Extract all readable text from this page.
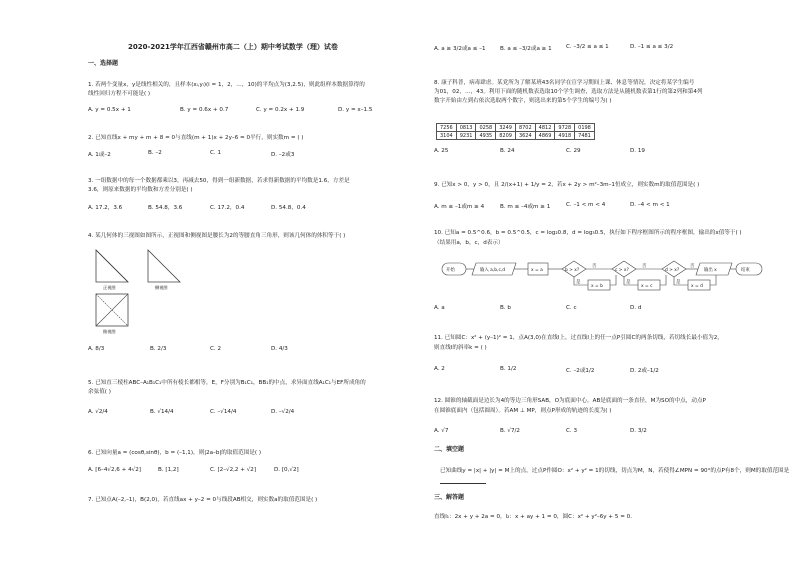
2020-2021学年江西省赣州市高二（上）期中考试数学（理）试卷
一、选择题
1. 若两个变量x，y是线性相关的，且样本(xᵢ,yᵢ)(i = 1，2，…，10)的平均点为(3,2.5)，则此组样本数据算得的
线性回归方程不可能是( )
A. y = 0.5x + 1	B. y = 0.6x + 0.7	C. y = 0.2x + 1.9	D. y = x–1.5
2. 已知直线x + my + m + 8 = 0与直线(m + 1)x + 2y–6 = 0平行，则实数m = ( )
A. 1或–2	B. –2	C. 1	D. –2或3
3. 一组数据中的每一个数据都乘以3，再减去50，得到一组新数据，若求得新数据的平均数是1.6，方差是
3.6，则原来数据的平均数和方差分别是( )
A. 17.2，3.6	B. 54.8，3.6	C. 17.2，0.4	D. 54.8，0.4
4. 某几何体的三视图如图所示，正视图和侧视图是腰长为2的等腰直角三角形，则该几何体的体积等于( )
正视图	侧视图
俯视图
A. 8/3	B. 2/3	C. 2	D. 4/3
5. 已知直三棱柱ABC–A₁B₁C₁中所有棱长都相等，E，F分别为B₁C₁，BB₁的中点，求异面直线A₁C₁与EF所成角的
余弦值( )
A. √2/4	B. √14/4	C. –√14/4	D. –√2/4
6. 已知向量a = (cosθ,sinθ)，b = (–1,1)，则|2a–b|的取值范围是( )
A. [6–4√2,6 + 4√2]	B. [1,2]	C. [2–√2,2 + √2]	D. [0,√2]
7. 已知点A(–2,–1)，B(2,0)，若直线ax + y–2 = 0与线段AB相交，则实数a的取值范围是( )
A. a ≥ 3/2或a ≤ –1	B. a ≤ –3/2或a ≥ 1	C. –3/2 ≤ a ≤ 1	D. –1 ≤ a ≤ 3/2
8. 康子科普，病毒肆虐。某党所为了解某班43名同学在宣学习期间上课、休息等情况，决定将某学生编号
为01，02，…，43。利用下面的随机数表选取10个学生调查，选取方法是从随机数表第1行的第2列和第4列
数字开始由左到右依次选取两个数字，则选出来的第5个学生的编号为( )
7256	0813	0258	3249	8702	4812	9728	0198
3104	9231	4935	8209	3624	4869	4918	7481
A. 25	B. 24	C. 29	D. 19
9. 已知x > 0，y > 0，且 2/(x+1) + 1/y = 2，若x + 2y > m²–3m–1恒成立，则实数m的取值范围是( )
A. m ≤ –1或m ≥ 4	B. m ≤ –4或m ≥ 1	C. –1 < m < 4	D. –4 < m < 1
10. 已知a = 0.5^0.6，b = 0.5^0.5，c = log₂0.8，d = log₃0.5，执行如下程序框图所示的程序框图，输出的x值等于( )
（结果用a，b，c，d表示）
开始	输入 a,b,c,d	x = a	b > x?
否
是
x = b
c > x?
否
是
x = c
d > x?
否
是
x = d
输出 x	结束
A. a	B. b	C. c	D. d
11. 已知圆C：x² + (y–1)² = 1，点A(3,0)在直线l上，过直线l上的任一点P引圆C的两条切线，若切线长最小值为2，
则直线l的斜率k = ( )
A. 2	B. 1/2	C. –2或1/2	D. 2或–1/2
12. 圆锥的轴截面是边长为4的等边三角形SAB，O为底面中心，AB是底面的一条直径，M为SO的中点，动点P
在圆锥底面内（包括圆周）。若AM ⊥ MP，则点P形成的轨迹的长度为( )
A. √7	B. √7/2	C. 3	D. 3/2
二、填空题
已知曲线y = |x| + |y| = M上的点，过点P作圆O：x² + y² = 1的切线，切点为M，N，若使得∠MPN = 90°的点P有8个，则M的取值范围是
三、解答题
直线l₁：2x + y + 2a = 0，l₂：x + ay + 1 = 0，圆C：x² + y²–6y + 5 = 0.
